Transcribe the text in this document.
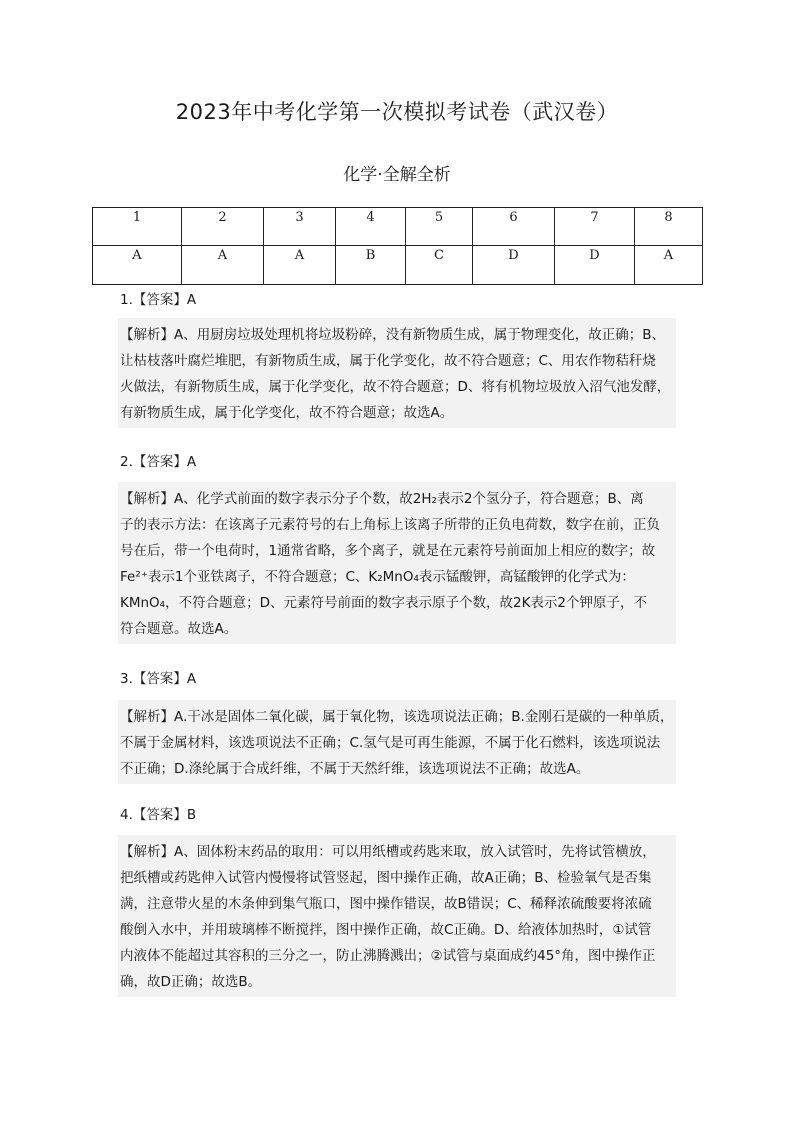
2023年中考化学第一次模拟考试卷（武汉卷）
化学·全解全析
1	2	3	4	5	6	7	8
A	A	A	B	C	D	D	A
1.【答案】A
【解析】A、用厨房垃圾处理机将垃圾粉碎，没有新物质生成，属于物理变化，故正确；B、
让枯枝落叶腐烂堆肥，有新物质生成，属于化学变化，故不符合题意；C、用农作物秸秆烧
火做法，有新物质生成，属于化学变化，故不符合题意；D、将有机物垃圾放入沼气池发酵，
有新物质生成，属于化学变化，故不符合题意；故选A。
2.【答案】A
【解析】A、化学式前面的数字表示分子个数，故2H₂表示2个氢分子，符合题意；B、离
子的表示方法：在该离子元素符号的右上角标上该离子所带的正负电荷数，数字在前，正负
号在后，带一个电荷时，1通常省略，多个离子，就是在元素符号前面加上相应的数字；故
Fe²⁺表示1个亚铁离子，不符合题意；C、K₂MnO₄表示锰酸钾，高锰酸钾的化学式为：
KMnO₄，不符合题意；D、元素符号前面的数字表示原子个数，故2K表示2个钾原子，不
符合题意。故选A。
3.【答案】A
【解析】A.干冰是固体二氧化碳，属于氧化物，该选项说法正确；B.金刚石是碳的一种单质，
不属于金属材料，该选项说法不正确；C.氢气是可再生能源，不属于化石燃料，该选项说法
不正确；D.涤纶属于合成纤维，不属于天然纤维，该选项说法不正确；故选A。
4.【答案】B
【解析】A、固体粉末药品的取用：可以用纸槽或药匙来取，放入试管时，先将试管横放，
把纸槽或药匙伸入试管内慢慢将试管竖起，图中操作正确，故A正确；B、检验氧气是否集
满，注意带火星的木条伸到集气瓶口，图中操作错误，故B错误；C、稀释浓硫酸要将浓硫
酸倒入水中，并用玻璃棒不断搅拌，图中操作正确，故C正确。D、给液体加热时，①试管
内液体不能超过其容积的三分之一，防止沸腾溅出；②试管与桌面成约45°角，图中操作正
确，故D正确；故选B。
